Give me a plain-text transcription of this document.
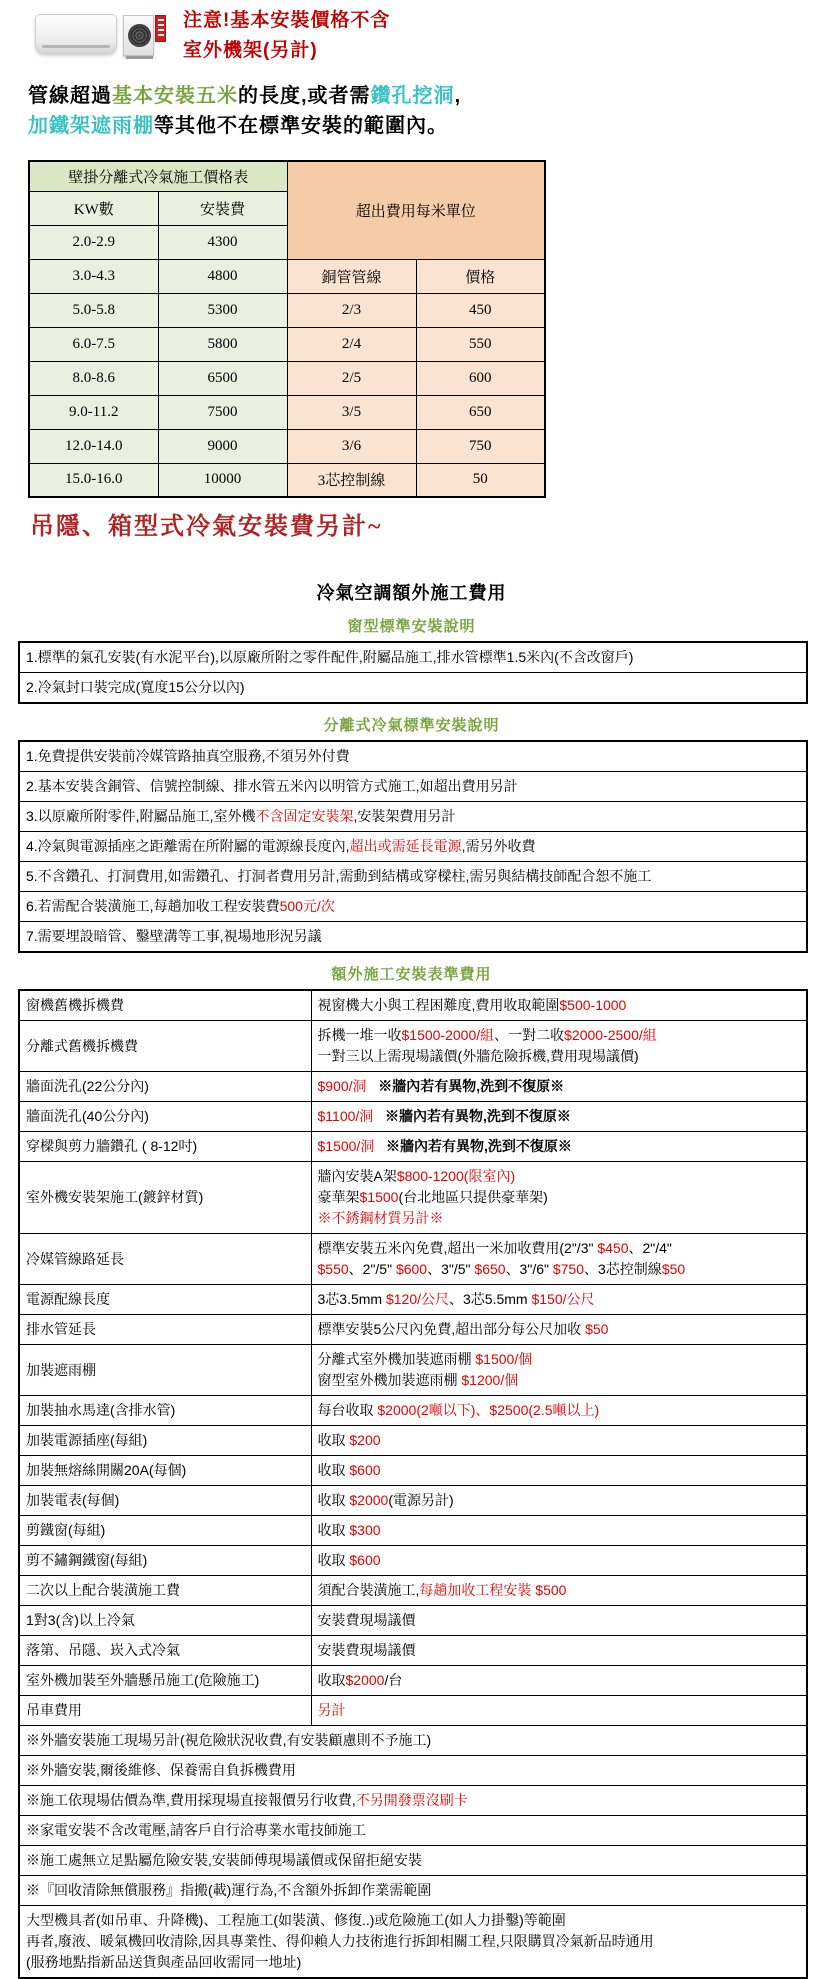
注意!基本安裝價格不含
室外機架(另計)
管線超過基本安裝五米的長度,或者需鑽孔挖洞,
加鐵架遮雨棚等其他不在標準安裝的範圍內。
壁掛分離式冷氣施工價格表		超出費用每米單位	
KW數	安裝費		
2.0-2.9	4300		
3.0-4.3	4800	銅管管線	價格
5.0-5.8	5300	2/3	450
6.0-7.5	5800	2/4	550
8.0-8.6	6500	2/5	600
9.0-11.2	7500	3/5	650
12.0-14.0	9000	3/6	750
15.0-16.0	10000	3芯控制線	50
吊隱、箱型式冷氣安裝費另計~
冷氣空調額外施工費用
窗型標準安裝說明
1.標準的氣孔安裝(有水泥平台),以原廠所附之零件配件,附屬品施工,排水管標準1.5米內(不含改窗戶)
2.冷氣封口裝完成(寬度15公分以內)
分離式冷氣標準安裝說明
1.免費提供安裝前冷媒管路抽真空服務,不須另外付費
2.基本安裝含銅管、信號控制線、排水管五米內以明管方式施工,如超出費用另計
3.以原廠所附零件,附屬品施工,室外機不含固定安裝架,安裝架費用另計
4.冷氣與電源插座之距離需在所附屬的電源線長度內,超出或需延長電源,需另外收費
5.不含鑽孔、打洞費用,如需鑽孔、打洞者費用另計,需動到結構或穿樑柱,需另與結構技師配合恕不施工
6.若需配合裝潢施工,每趟加收工程安裝費500元/次
7.需要埋設暗管、鑿壁溝等工事,視場地形況另議
額外施工安裝表準費用
窗機舊機拆機費	視窗機大小與工程困難度,費用收取範圍$500-1000
分離式舊機拆機費	拆機一堆一收$1500-2000/組、一對二收$2000-2500/組
一對三以上需現場議價(外牆危險拆機,費用現場議價)
牆面洗孔(22公分內)	$900/洞 ※牆內若有異物,洗到不復原※
牆面洗孔(40公分內)	$1100/洞 ※牆內若有異物,洗到不復原※
穿樑與剪力牆鑽孔 ( 8-12吋)	$1500/洞 ※牆內若有異物,洗到不復原※
室外機安裝架施工(鍍鋅材質)	牆內安裝A架$800-1200(限室內)
豪華架$1500(台北地區只提供豪華架)
※不銹鋼材質另計※
冷媒管線路延長	標準安裝五米內免費,超出一米加收費用(2"/3" $450、2"/4"
$550、2"/5" $600、3"/5" $650、3"/6" $750、3芯控制線$50
電源配線長度	3芯3.5mm $120/公尺、3芯5.5mm $150/公尺
排水管延長	標準安裝5公尺內免費,超出部分每公尺加收 $50
加裝遮雨棚	分離式室外機加裝遮雨棚 $1500/個
窗型室外機加裝遮雨棚 $1200/個
加裝抽水馬達(含排水管)	每台收取 $2000(2噸以下)、$2500(2.5噸以上)
加裝電源插座(每組)	收取 $200
加裝無熔絲開關20A(每個)	收取 $600
加裝電表(每個)	收取 $2000(電源另計)
剪鐵窗(每組)	收取 $300
剪不鏽鋼鐵窗(每組)	收取 $600
二次以上配合裝潢施工費	須配合裝潢施工,每趟加收工程安裝 $500
1對3(含)以上冷氣	安裝費現場議價
落第、吊隱、崁入式冷氣	安裝費現場議價
室外機加裝至外牆懸吊施工(危險施工)	收取$2000/台
吊車費用	另計
※外牆安裝施工現場另計(視危險狀況收費,有安裝顧慮則不予施工)	
※外牆安裝,爾後維修、保養需自負拆機費用	
※施工依現場估價為準,費用採現場直接報價另行收費,不另開發票沒刷卡	
※家電安裝不含改電壓,請客戶自行洽專業水電技師施工	
※施工處無立足點屬危險安裝,安裝師傅現場議價或保留拒絕安裝	
※『回收清除無償服務』指搬(載)運行為,不含額外拆卸作業需範圍	
大型機具者(如吊車、升降機)、工程施工(如裝潢、修復..)或危險施工(如人力掛鑿)等範圍
再者,廢液、暖氣機回收清除,因具專業性、得仰賴人力技術進行拆卸相關工程,只限購買冷氣新品時通用
(服務地點指新品送貨與產品回收需同一地址)	
